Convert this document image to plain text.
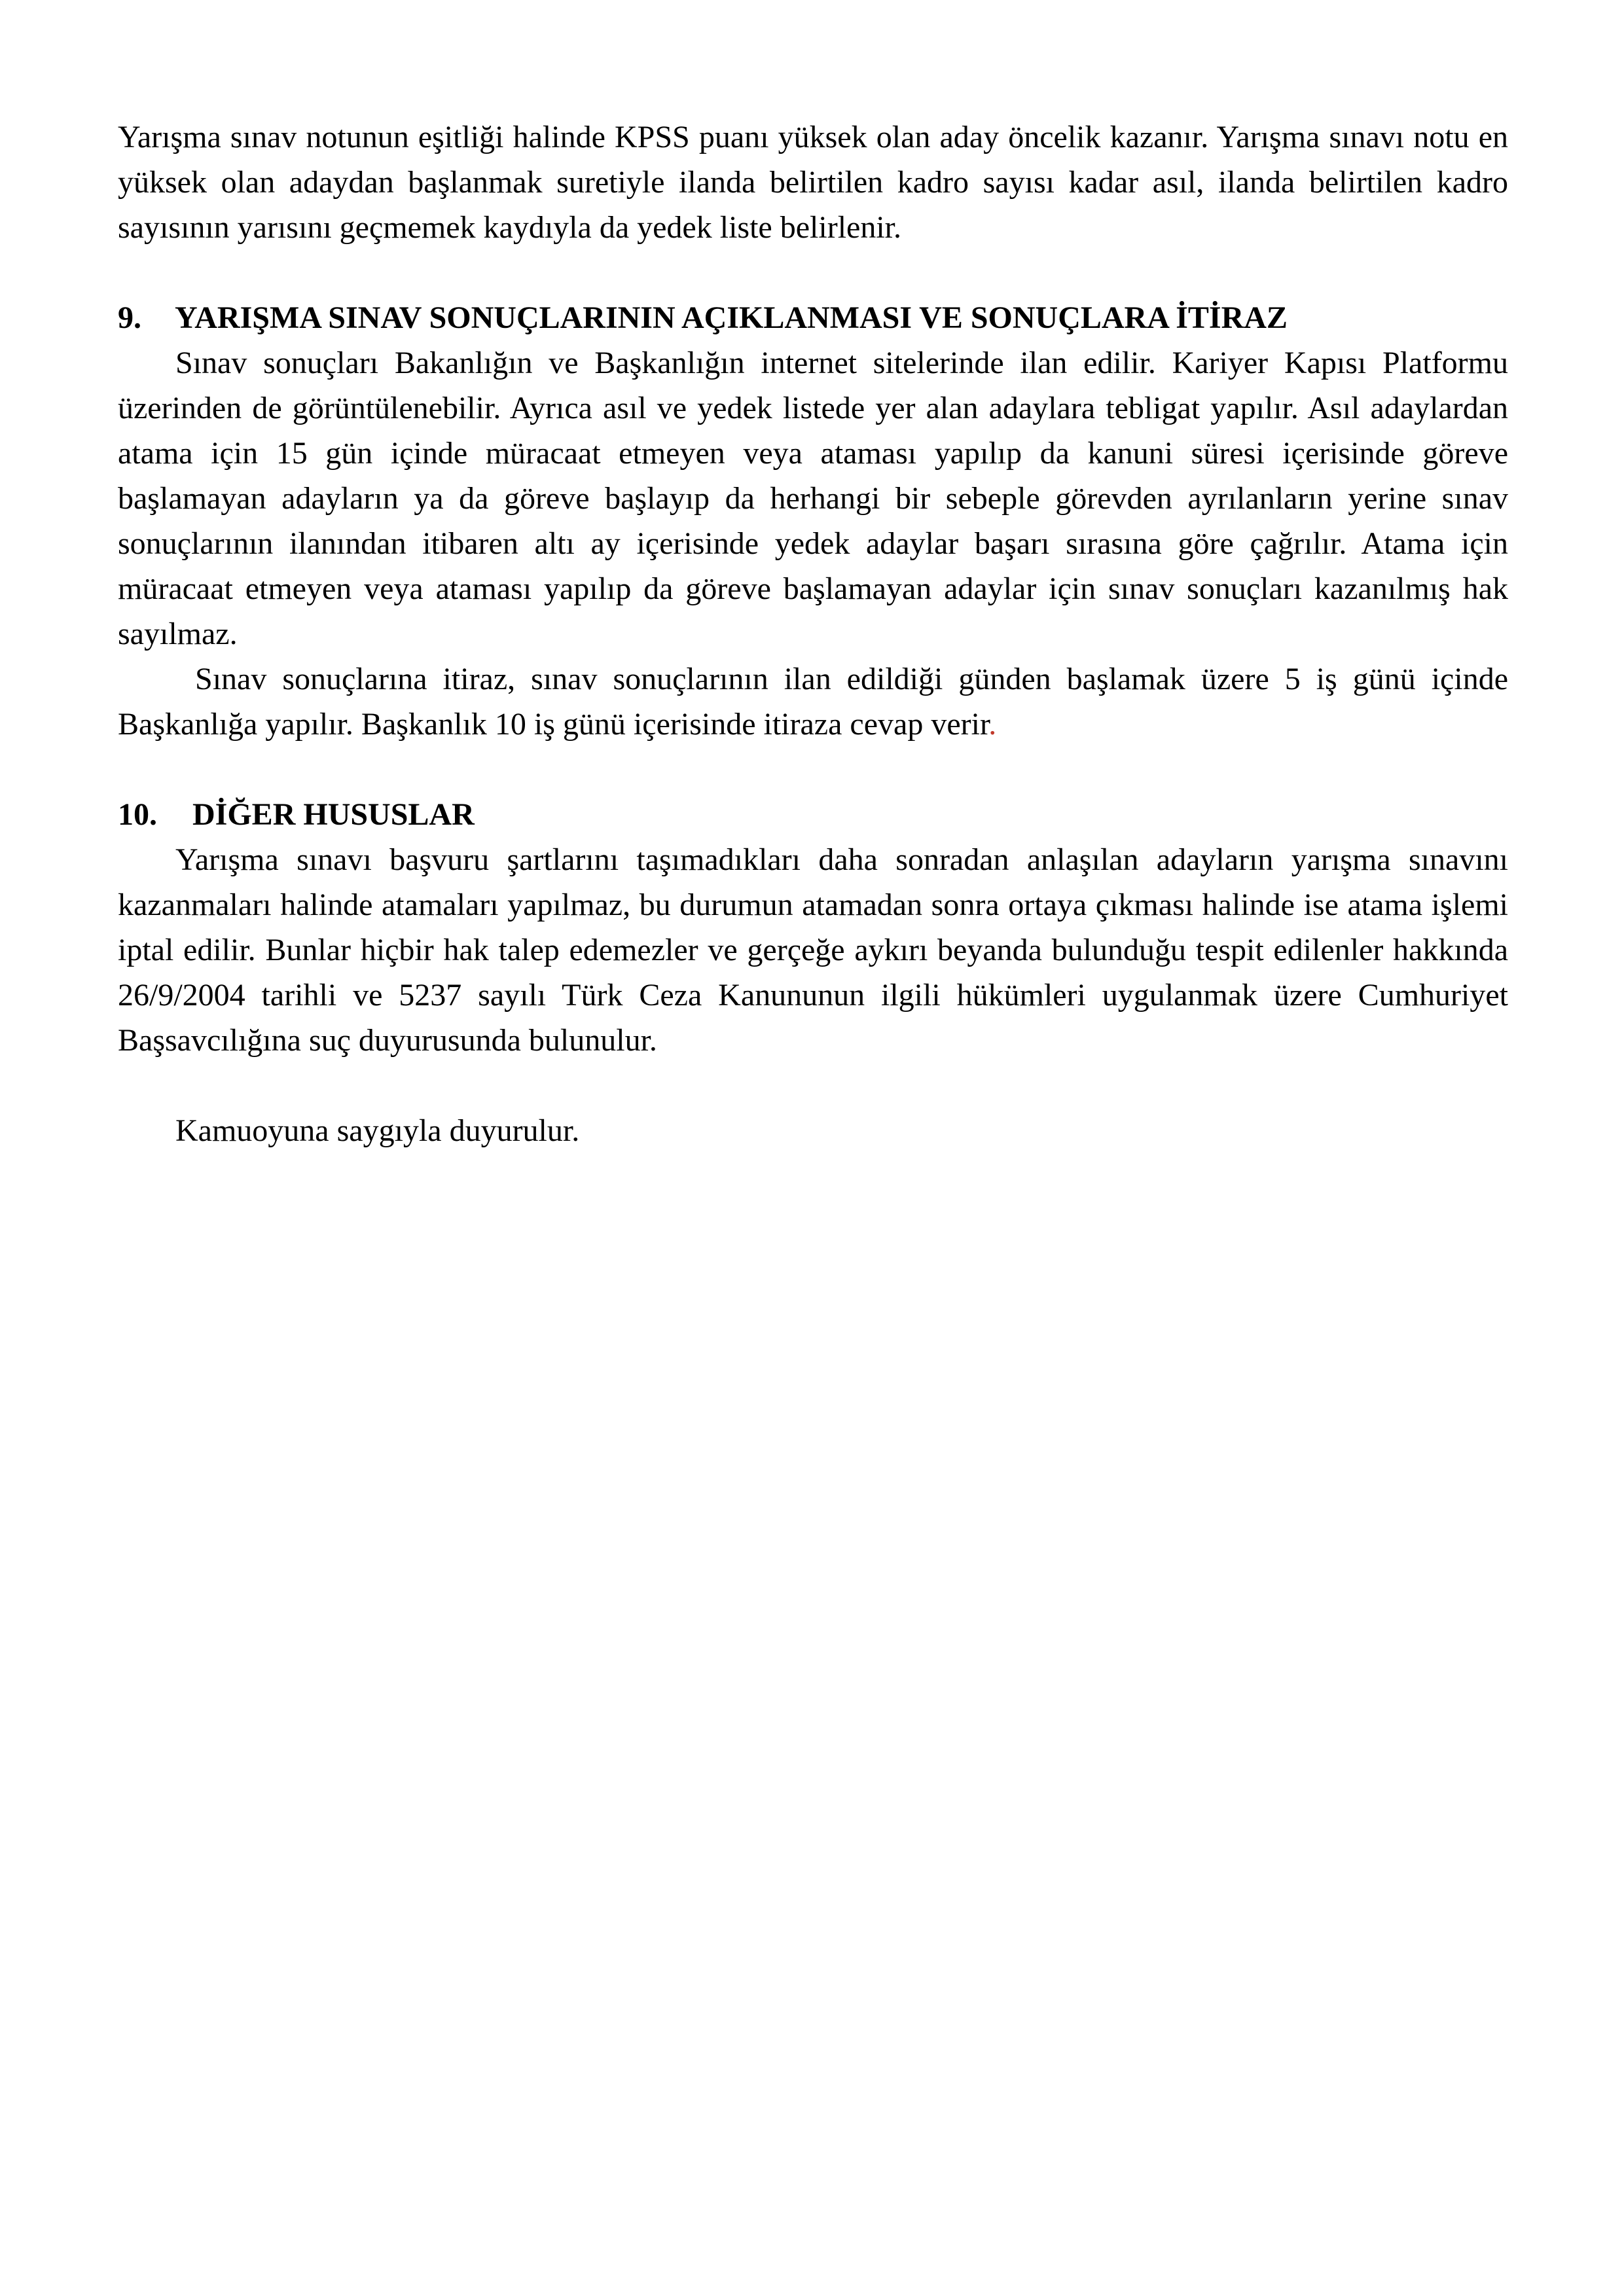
Yarışma sınav notunun eşitliği halinde KPSS puanı yüksek olan aday öncelik kazanır. Yarışma sınavı notu en yüksek olan adaydan başlanmak suretiyle ilanda belirtilen kadro sayısı kadar asıl, ilanda belirtilen kadro sayısının yarısını geçmemek kaydıyla da yedek liste belirlenir.

9. YARIŞMA SINAV SONUÇLARININ AÇIKLANMASI VE SONUÇLARA İTİRAZ

Sınav sonuçları Bakanlığın ve Başkanlığın internet sitelerinde ilan edilir. Kariyer Kapısı Platformu üzerinden de görüntülenebilir. Ayrıca asıl ve yedek listede yer alan adaylara tebligat yapılır. Asıl adaylardan atama için 15 gün içinde müracaat etmeyen veya ataması yapılıp da kanuni süresi içerisinde göreve başlamayan adayların ya da göreve başlayıp da herhangi bir sebeple görevden ayrılanların yerine sınav sonuçlarının ilanından itibaren altı ay içerisinde yedek adaylar başarı sırasına göre çağrılır. Atama için müracaat etmeyen veya ataması yapılıp da göreve başlamayan adaylar için sınav sonuçları kazanılmış hak sayılmaz.

Sınav sonuçlarına itiraz, sınav sonuçlarının ilan edildiği günden başlamak üzere 5 iş günü içinde Başkanlığa yapılır. Başkanlık 10 iş günü içerisinde itiraza cevap verir.

10. DİĞER HUSUSLAR

Yarışma sınavı başvuru şartlarını taşımadıkları daha sonradan anlaşılan adayların yarışma sınavını kazanmaları halinde atamaları yapılmaz, bu durumun atamadan sonra ortaya çıkması halinde ise atama işlemi iptal edilir. Bunlar hiçbir hak talep edemezler ve gerçeğe aykırı beyanda bulunduğu tespit edilenler hakkında 26/9/2004 tarihli ve 5237 sayılı Türk Ceza Kanununun ilgili hükümleri uygulanmak üzere Cumhuriyet Başsavcılığına suç duyurusunda bulunulur.

Kamuoyuna saygıyla duyurulur.
